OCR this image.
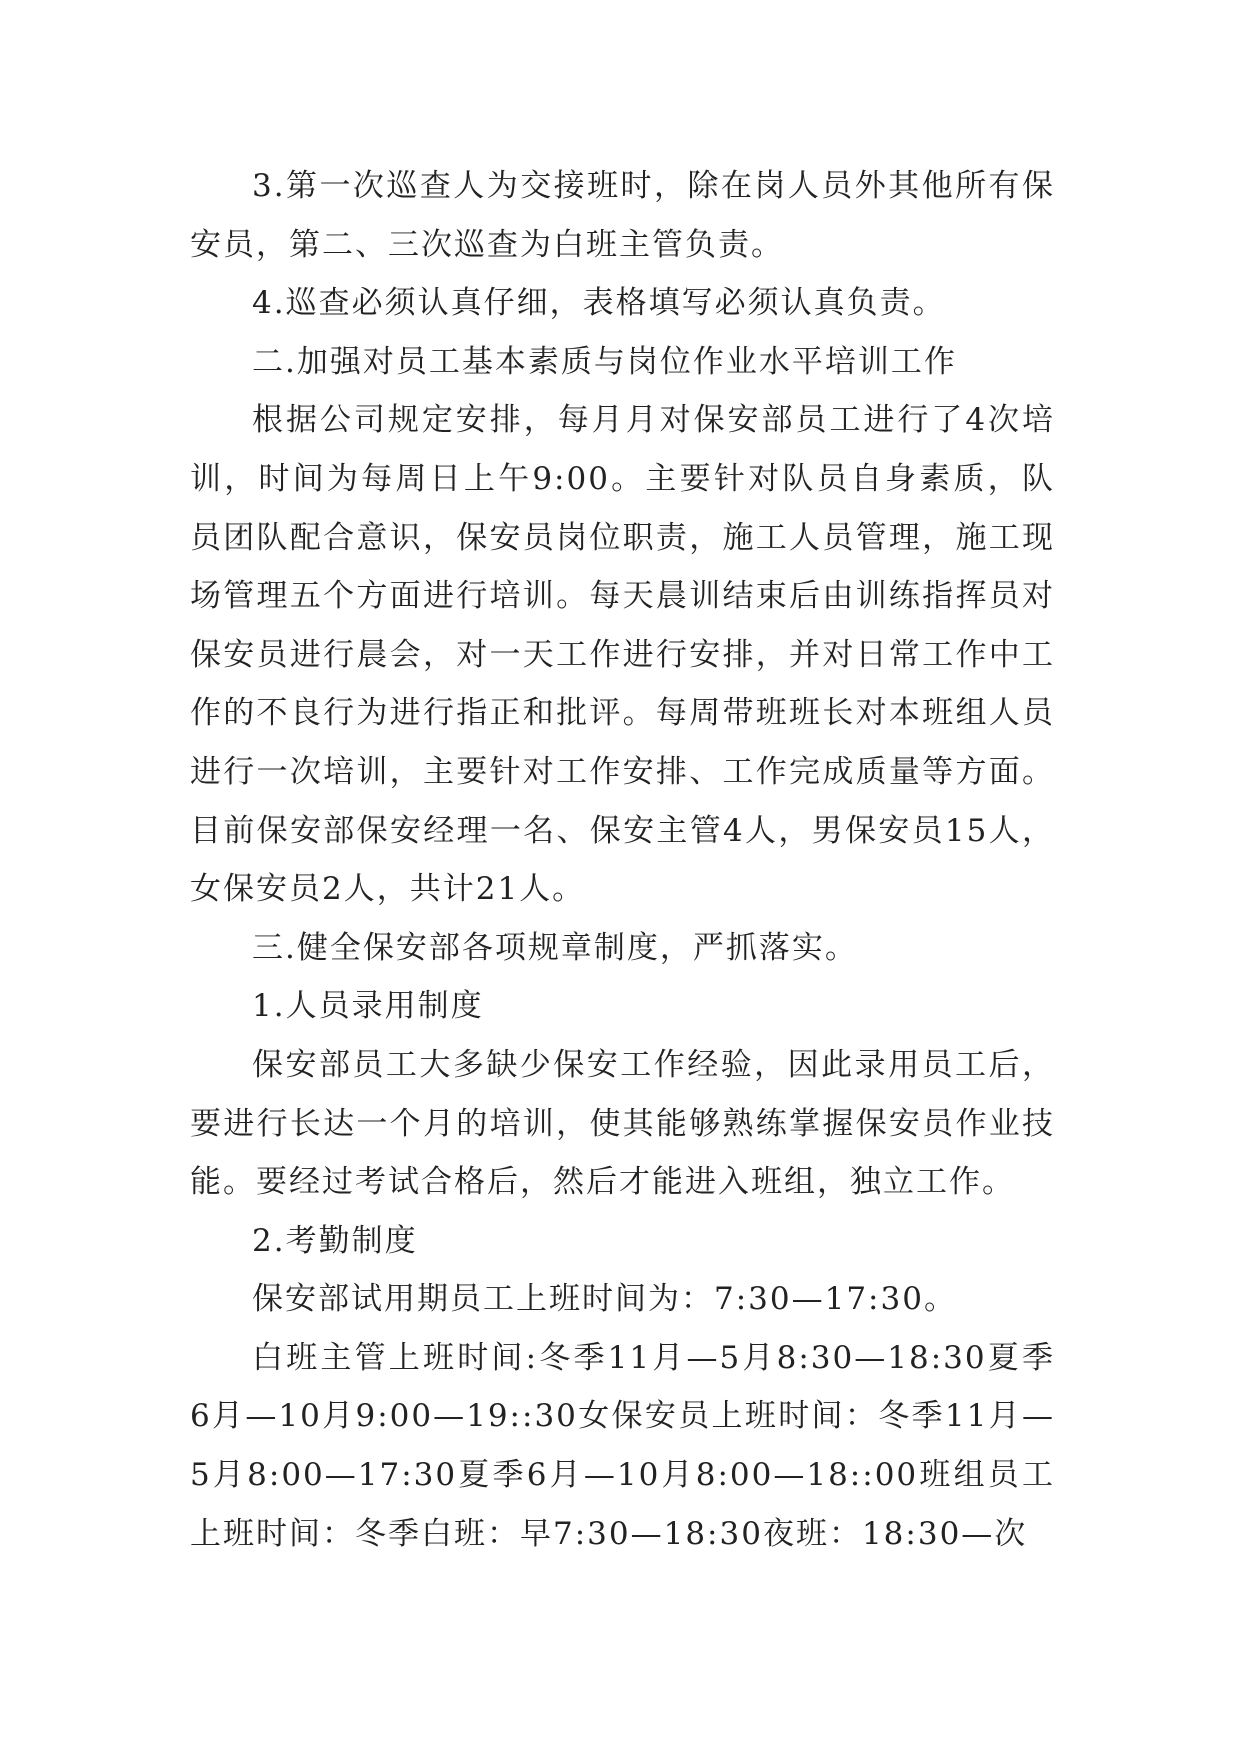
3.第一次巡查人为交接班时，除在岗人员外其他所有保安员，第二、三次巡查为白班主管负责。

4.巡查必须认真仔细，表格填写必须认真负责。

二.加强对员工基本素质与岗位作业水平培训工作

根据公司规定安排，每月月对保安部员工进行了4次培训，时间为每周日上午9:00。主要针对队员自身素质，队员团队配合意识，保安员岗位职责，施工人员管理，施工现场管理五个方面进行培训。每天晨训结束后由训练指挥员对保安员进行晨会，对一天工作进行安排，并对日常工作中工作的不良行为进行指正和批评。每周带班班长对本班组人员进行一次培训，主要针对工作安排、工作完成质量等方面。目前保安部保安经理一名、保安主管4人，男保安员15人，女保安员2人，共计21人。

三.健全保安部各项规章制度，严抓落实。

1.人员录用制度

保安部员工大多缺少保安工作经验，因此录用员工后，要进行长达一个月的培训，使其能够熟练掌握保安员作业技能。要经过考试合格后，然后才能进入班组，独立工作。

2.考勤制度

保安部试用期员工上班时间为：7:30—17:30。

白班主管上班时间:冬季11月—5月8:30—18:30夏季6月—10月9:00—19::30女保安员上班时间：冬季11月—5月8:00—17:30夏季6月—10月8:00—18::00班组员工上班时间：冬季白班：早7:30—18:30夜班：18:30—次
